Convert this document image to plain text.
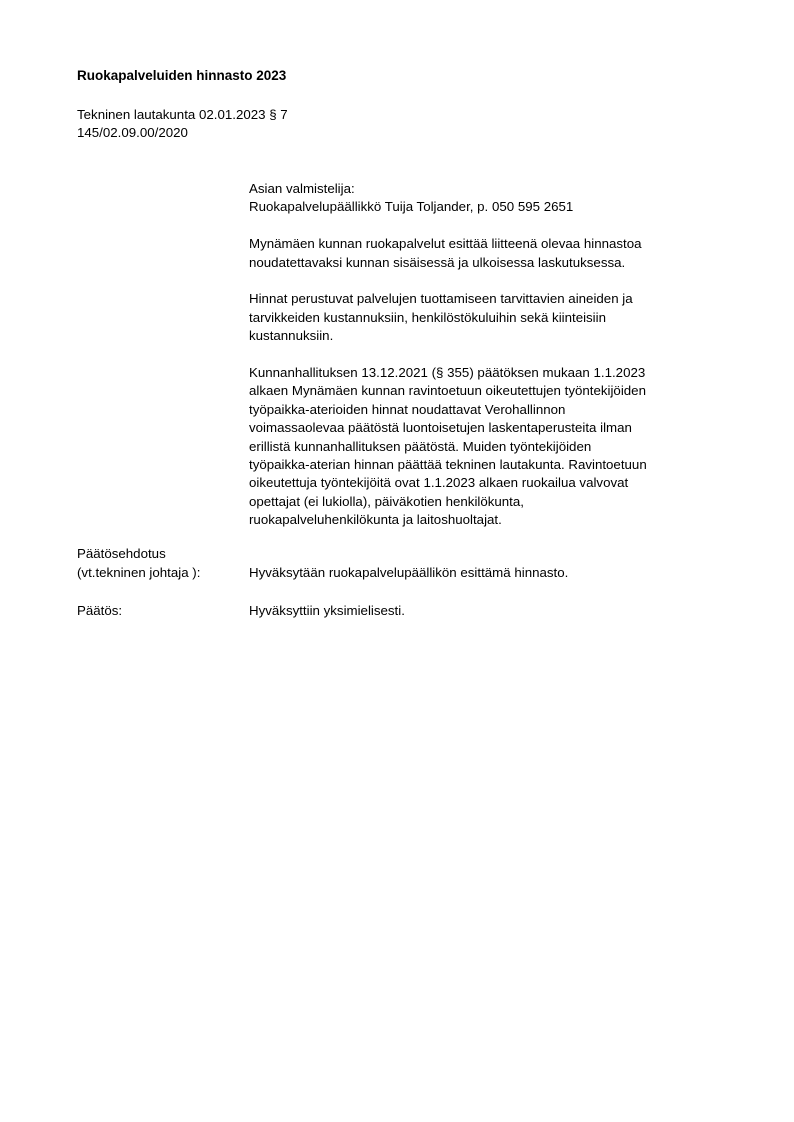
Ruokapalveluiden hinnasto 2023
Tekninen lautakunta 02.01.2023 § 7
145/02.09.00/2020
Asian valmistelija:
Ruokapalvelupäällikkö Tuija Toljander, p. 050 595 2651
Mynämäen kunnan ruokapalvelut esittää liitteenä olevaa hinnastoa
noudatettavaksi kunnan sisäisessä ja ulkoisessa laskutuksessa.
Hinnat perustuvat palvelujen tuottamiseen tarvittavien aineiden ja
tarvikkeiden kustannuksiin, henkilöstökuluihin sekä kiinteisiin
kustannuksiin.
Kunnanhallituksen 13.12.2021 (§ 355) päätöksen mukaan 1.1.2023
alkaen Mynämäen kunnan ravintoetuun oikeutettujen työntekijöiden
työpaikka-aterioiden hinnat noudattavat Verohallinnon
voimassaolevaa päätöstä luontoisetujen laskentaperusteita ilman
erillistä kunnanhallituksen päätöstä. Muiden työntekijöiden
työpaikka-aterian hinnan päättää tekninen lautakunta. Ravintoetuun
oikeutettuja työntekijöitä ovat 1.1.2023 alkaen ruokailua valvovat
opettajat (ei lukiolla), päiväkotien henkilökunta,
ruokapalveluhenkilökunta ja laitoshuoltajat.
Päätösehdotus
(vt.tekninen johtaja ):	Hyväksytään ruokapalvelupäällikön esittämä hinnasto.
Päätös:	Hyväksyttiin yksimielisesti.
